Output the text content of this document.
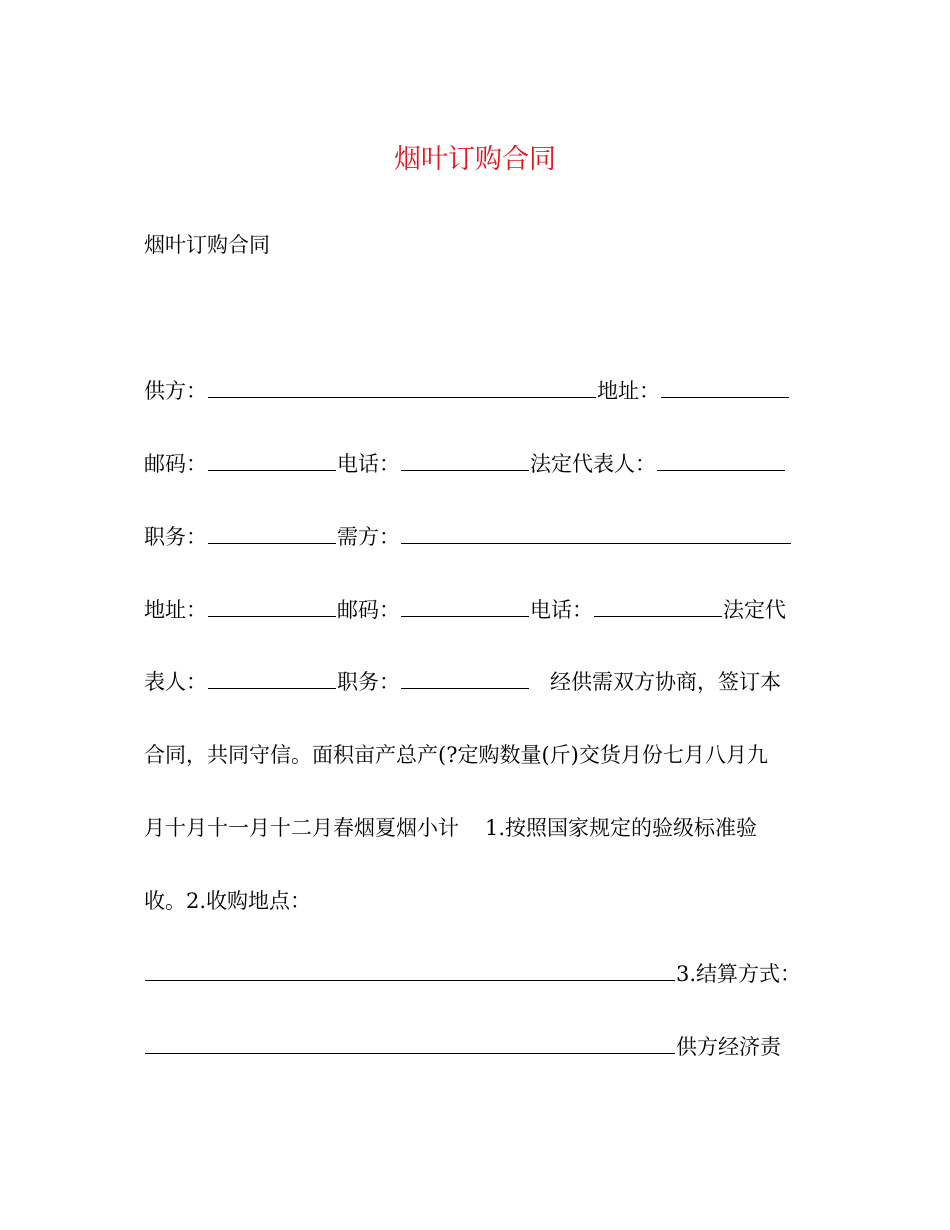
烟叶订购合同
烟叶订购合同
供方：	地址：
邮码：	电话：	法定代表人：
职务：	需方：
地址：	邮码：	电话：	法定代
表人：	职务：	经供需双方协商，签订本
合同，共同守信。面积亩产总产(?定购数量(斤)交货月份七月八月九
月十月十一月十二月春烟夏烟小计 1.按照国家规定的验级标准验
收。2.收购地点：
3.结算方式：
供方经济责
